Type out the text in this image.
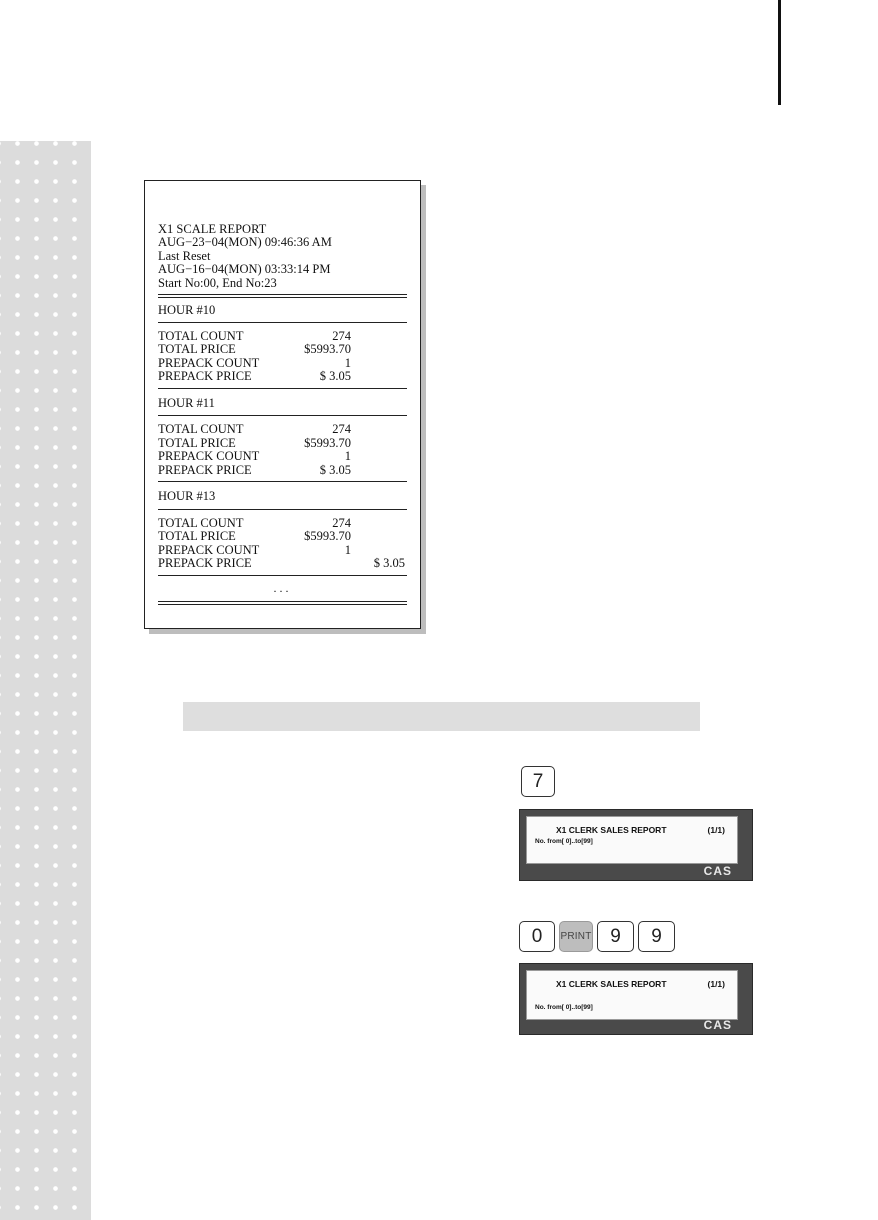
X1 SCALE REPORT
AUG−23−04(MON) 09:46:36 AM
Last Reset
AUG−16−04(MON) 03:33:14 PM
Start No:00, End No:23
HOUR #10
TOTAL COUNT	274
TOTAL PRICE	$5993.70
PREPACK COUNT	1
PREPACK PRICE	$ 3.05
HOUR #11
TOTAL COUNT	274
TOTAL PRICE	$5993.70
PREPACK COUNT	1
PREPACK PRICE	$ 3.05
HOUR #13
TOTAL COUNT	274
TOTAL PRICE	$5993.70
PREPACK COUNT	1
PREPACK PRICE	$ 3.05
...
7
X1 CLERK SALES REPORT	(1/1)
No. from[ 0]..to[99]
CAS
0	PRINT 9	9
X1 CLERK SALES REPORT	(1/1)
No. from[ 0]..to[99]
CAS
